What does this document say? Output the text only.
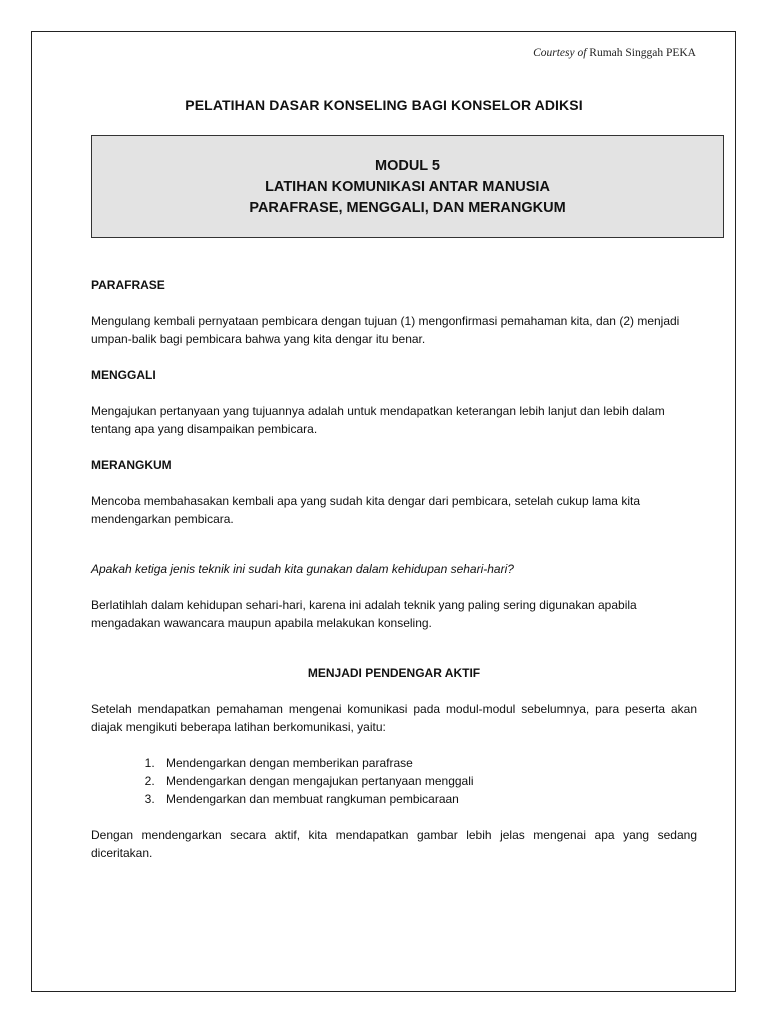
Courtesy of Rumah Singgah PEKA
PELATIHAN DASAR KONSELING BAGI KONSELOR ADIKSI
MODUL 5
LATIHAN KOMUNIKASI ANTAR MANUSIA
PARAFRASE, MENGGALI, DAN MERANGKUM

PARAFRASE

Mengulang kembali pernyataan pembicara dengan tujuan (1) mengonfirmasi pemahaman kita, dan (2) menjadi umpan-balik bagi pembicara bahwa yang kita dengar itu benar.

MENGGALI

Mengajukan pertanyaan yang tujuannya adalah untuk mendapatkan keterangan lebih lanjut dan lebih dalam tentang apa yang disampaikan pembicara.

MERANGKUM

Mencoba membahasakan kembali apa yang sudah kita dengar dari pembicara, setelah cukup lama kita mendengarkan pembicara.

Apakah ketiga jenis teknik ini sudah kita gunakan dalam kehidupan sehari-hari?

Berlatihlah dalam kehidupan sehari-hari, karena ini adalah teknik yang paling sering digunakan apabila mengadakan wawancara maupun apabila melakukan konseling.

MENJADI PENDENGAR AKTIF

Setelah mendapatkan pemahaman mengenai komunikasi pada modul-modul sebelumnya, para peserta akan diajak mengikuti beberapa latihan berkomunikasi, yaitu:

1. Mendengarkan dengan memberikan parafrase
2. Mendengarkan dengan mengajukan pertanyaan menggali
3. Mendengarkan dan membuat rangkuman pembicaraan

Dengan mendengarkan secara aktif, kita mendapatkan gambar lebih jelas mengenai apa yang sedang diceritakan.
